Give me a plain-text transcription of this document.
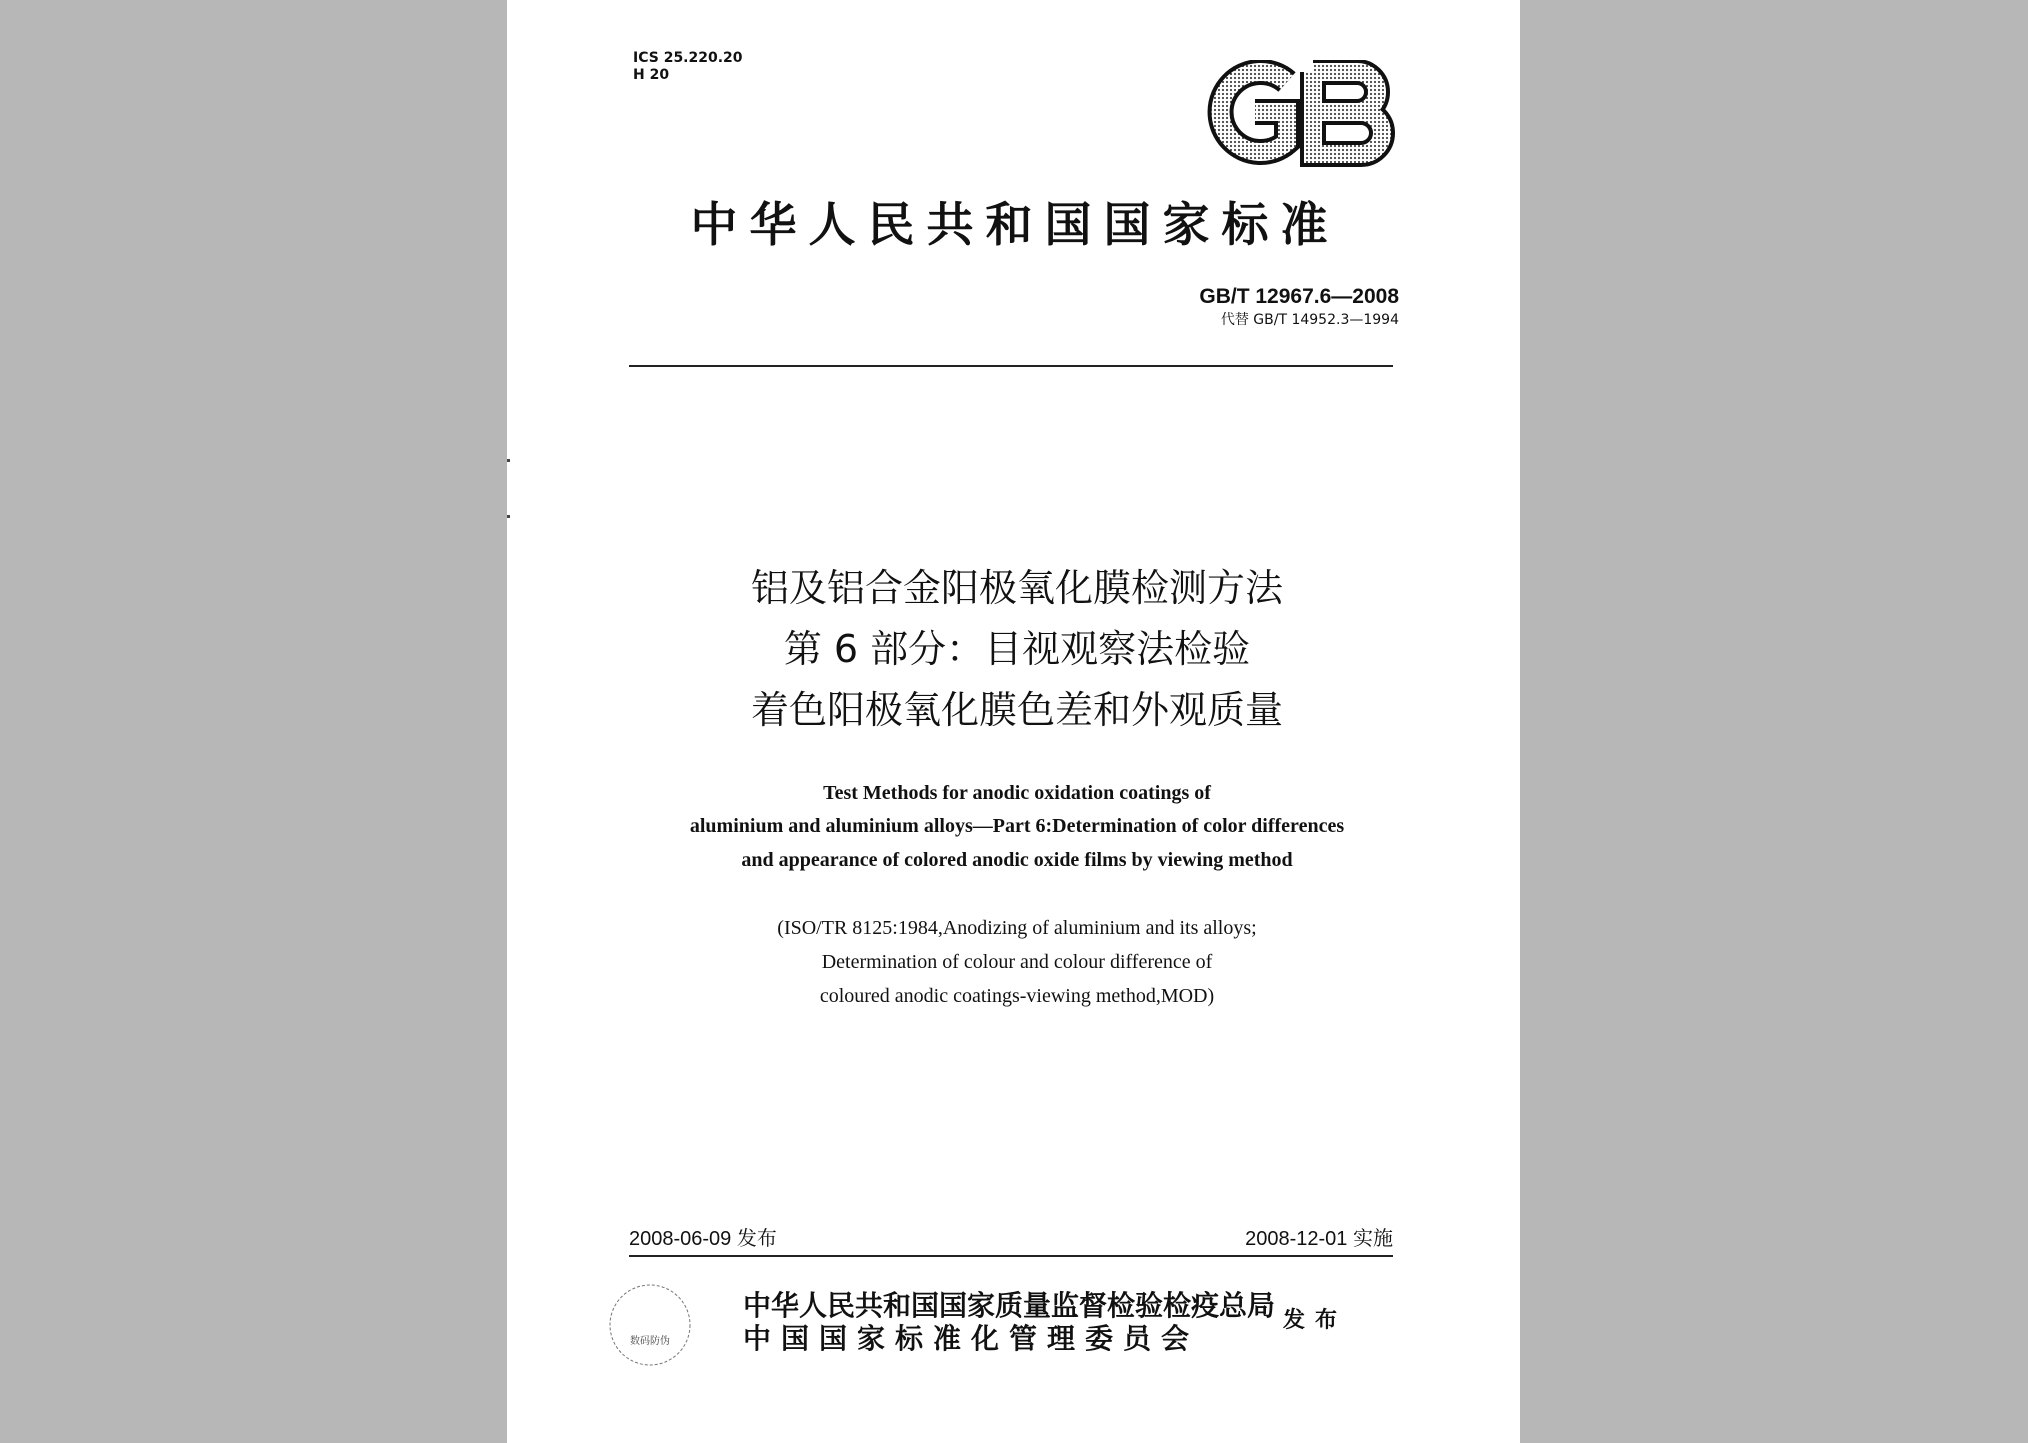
ICS 25.220.20
H 20
中华人民共和国国家标准
GB/T 12967.6—2008
代替 GB/T 14952.3—1994
铝及铝合金阳极氧化膜检测方法
第 6 部分：目视观察法检验
着色阳极氧化膜色差和外观质量
Test Methods for anodic oxidation coatings of
aluminium and aluminium alloys—Part 6:Determination of color differences
and appearance of colored anodic oxide films by viewing method
(ISO/TR 8125:1984,Anodizing of aluminium and its alloys;
Determination of colour and colour difference of
coloured anodic coatings-viewing method,MOD)
2008-06-09 发布	2008-12-01 实施
数码防伪
中华人民共和国国家质量监督检验检疫总局
中国国家标准化管理委员会
发布
